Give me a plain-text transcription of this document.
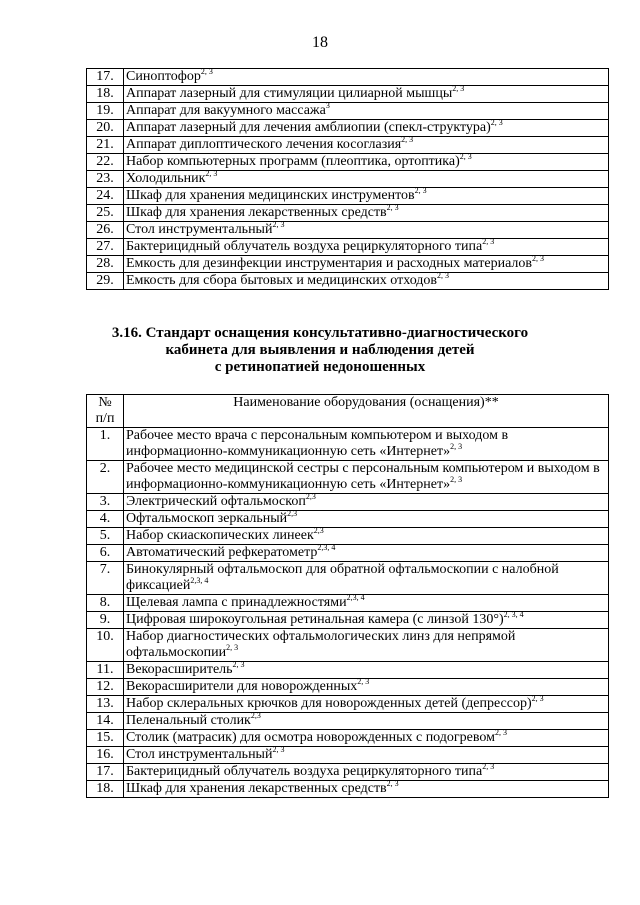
18
17.	Синоптофор$^{2, 3}$
18.	Аппарат лазерный для стимуляции цилиарной мышцы$^{2, 3}$
19.	Аппарат для вакуумного массажа$^3$
20.	Аппарат лазерный для лечения амблиопии (спекл-структура)$^{2, 3}$
21.	Аппарат диплоптического лечения косоглазия$^{2, 3}$
22.	Набор компьютерных программ (плеоптика, ортоптика)$^{2, 3}$
23.	Холодильник$^{2, 3}$
24.	Шкаф для хранения медицинских инструментов$^{2, 3}$
25.	Шкаф для хранения лекарственных средств$^{2, 3}$
26.	Стол инструментальный$^{2, 3}$
27.	Бактерицидный облучатель воздуха рециркуляторного типа$^{2, 3}$
28.	Емкость для дезинфекции инструментария и расходных материалов$^{2, 3}$
29.	Емкость для сбора бытовых и медицинских отходов$^{2, 3}$
3.16. Стандарт оснащения консультативно-диагностического
кабинета для выявления и наблюдения детей
с ретинопатией недоношенных
№
п/п	Наименование оборудования (оснащения)**
1.	Рабочее место врача с персональным компьютером и выходом в информационно-коммуникационную сеть «Интернет»$^{2, 3}$
2.	Рабочее место медицинской сестры с персональным компьютером и выходом в информационно-коммуникационную сеть «Интернет»$^{2, 3}$
3.	Электрический офтальмоскоп$^{2,3}$
4.	Офтальмоскоп зеркальный$^{2,3}$
5.	Набор скиаскопических линеек$^{2,3}$
6.	Автоматический рефкератометр$^{2,3, 4}$
7.	Бинокулярный офтальмоскоп для обратной офтальмоскопии с налобной фиксацией$^{2,3, 4}$
8.	Щелевая лампа с принадлежностями$^{2,3, 4}$
9.	Цифровая широкоугольная ретинальная камера (с линзой 130°)$^{2, 3, 4}$
10.	Набор диагностических офтальмологических линз для непрямой офтальмоскопии$^{2, 3}$
11.	Векорасширитель$^{2, 3}$
12.	Векорасширители для новорожденных$^{2, 3}$
13.	Набор склеральных крючков для новорожденных детей (депрессор)$^{2, 3}$
14.	Пеленальный столик$^{2,3}$
15.	Столик (матрасик) для осмотра новорожденных с подогревом$^{2, 3}$
16.	Стол инструментальный$^{2, 3}$
17.	Бактерицидный облучатель воздуха рециркуляторного типа$^{2, 3}$
18.	Шкаф для хранения лекарственных средств$^{2, 3}$
